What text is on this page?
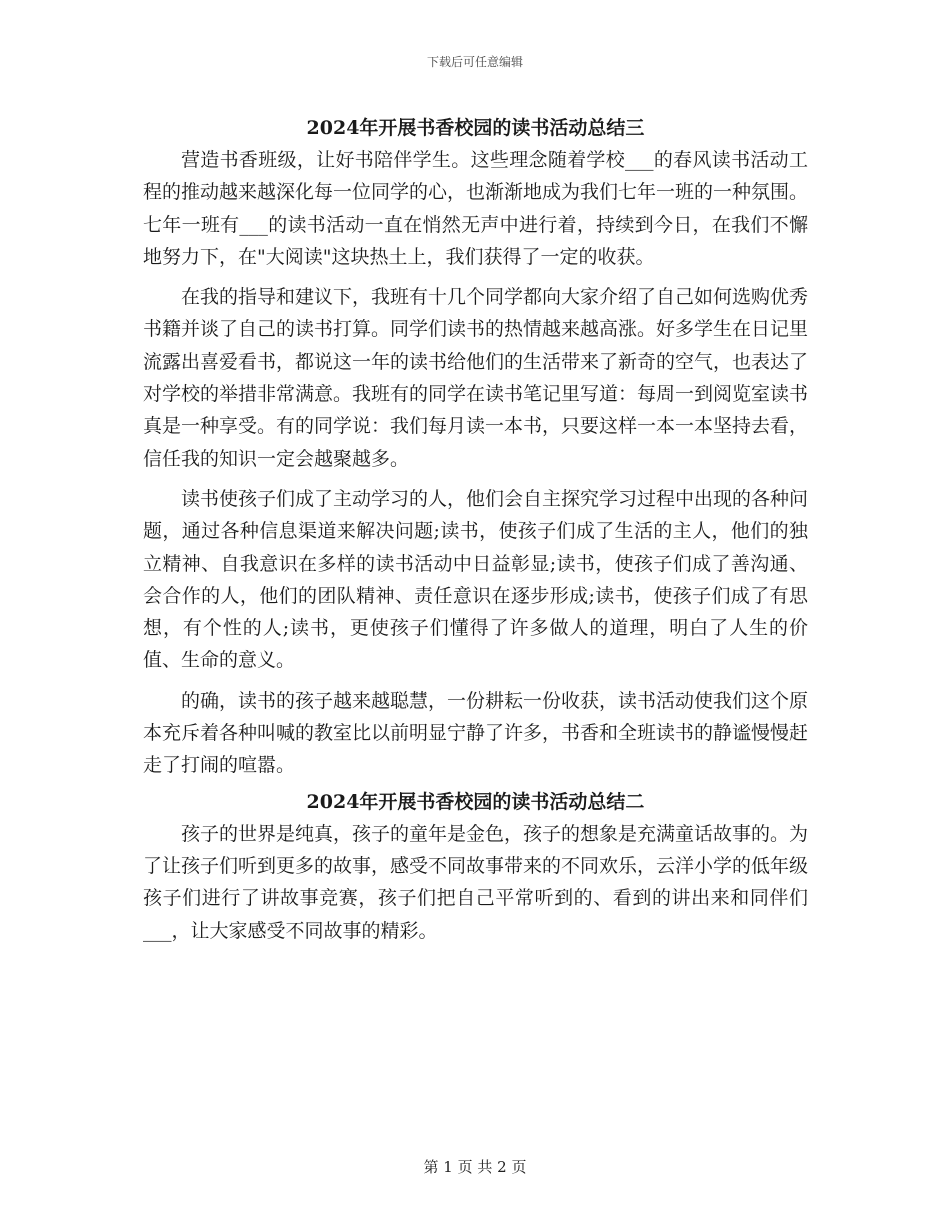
下载后可任意编辑
2024年开展书香校园的读书活动总结三

营造书香班级，让好书陪伴学生。这些理念随着学校___的春风读书活动工程的推动越来越深化每一位同学的心，也渐渐地成为我们七年一班的一种氛围。七年一班有___的读书活动一直在悄然无声中进行着，持续到今日，在我们不懈地努力下，在"大阅读"这块热土上，我们获得了一定的收获。

在我的指导和建议下，我班有十几个同学都向大家介绍了自己如何选购优秀书籍并谈了自己的读书打算。同学们读书的热情越来越高涨。好多学生在日记里流露出喜爱看书，都说这一年的读书给他们的生活带来了新奇的空气，也表达了对学校的举措非常满意。我班有的同学在读书笔记里写道：每周一到阅览室读书真是一种享受。有的同学说：我们每月读一本书，只要这样一本一本坚持去看，信任我的知识一定会越聚越多。

读书使孩子们成了主动学习的人，他们会自主探究学习过程中出现的各种问题，通过各种信息渠道来解决问题;读书，使孩子们成了生活的主人，他们的独立精神、自我意识在多样的读书活动中日益彰显;读书，使孩子们成了善沟通、会合作的人，他们的团队精神、责任意识在逐步形成;读书，使孩子们成了有思想，有个性的人;读书，更使孩子们懂得了许多做人的道理，明白了人生的价值、生命的意义。

的确，读书的孩子越来越聪慧，一份耕耘一份收获，读书活动使我们这个原本充斥着各种叫喊的教室比以前明显宁静了许多，书香和全班读书的静谧慢慢赶走了打闹的喧嚣。

2024年开展书香校园的读书活动总结二

孩子的世界是纯真，孩子的童年是金色，孩子的想象是充满童话故事的。为了让孩子们听到更多的故事，感受不同故事带来的不同欢乐，云洋小学的低年级孩子们进行了讲故事竞赛，孩子们把自己平常听到的、看到的讲出来和同伴们___，让大家感受不同故事的精彩。

第 1 页 共 2 页
